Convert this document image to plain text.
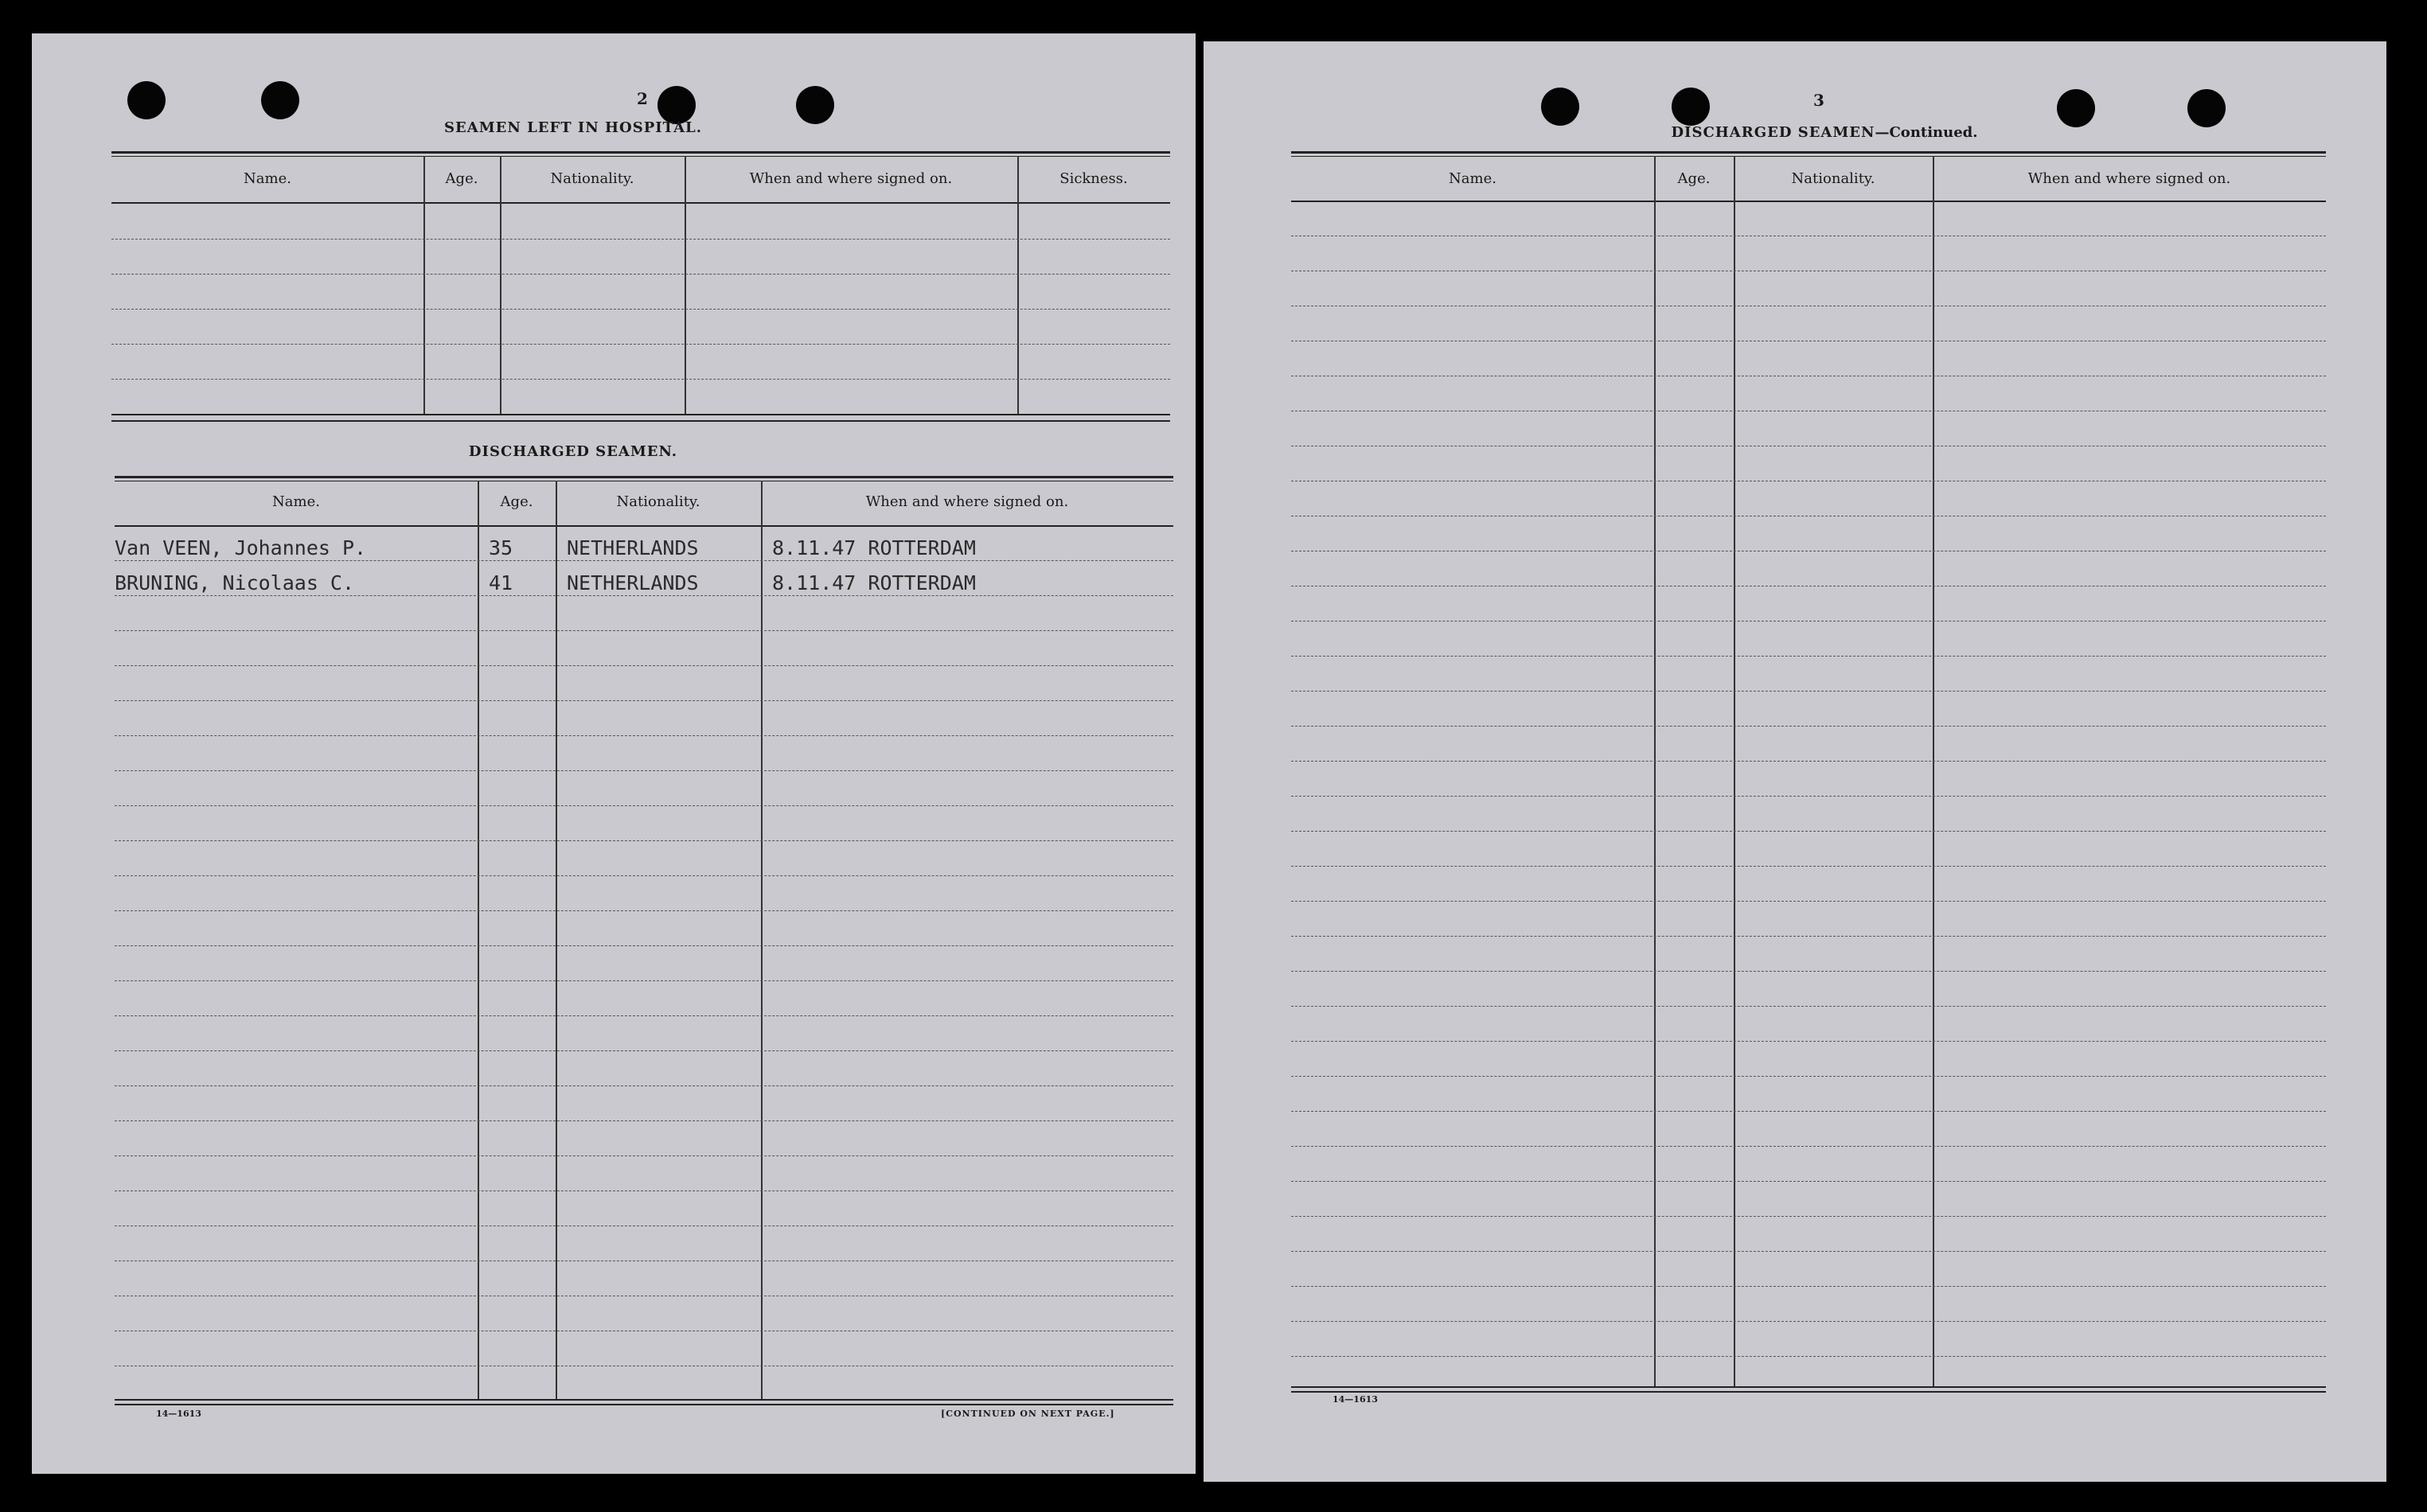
2
SEAMEN LEFT IN HOSPITAL.
Name.	Age.	Nationality.	When and where signed on.	Sickness.
DISCHARGED SEAMEN.
Name.	Age.	Nationality.	When and where signed on.
Van VEEN, Johannes P.	35	NETHERLANDS	8.11.47 ROTTERDAM
BRUNING, Nicolaas C.	41	NETHERLANDS	8.11.47 ROTTERDAM
14—1613	[CONTINUED ON NEXT PAGE.]
3
DISCHARGED SEAMEN—Continued.
Name.	Age.	Nationality.	When and where signed on.
14—1613
